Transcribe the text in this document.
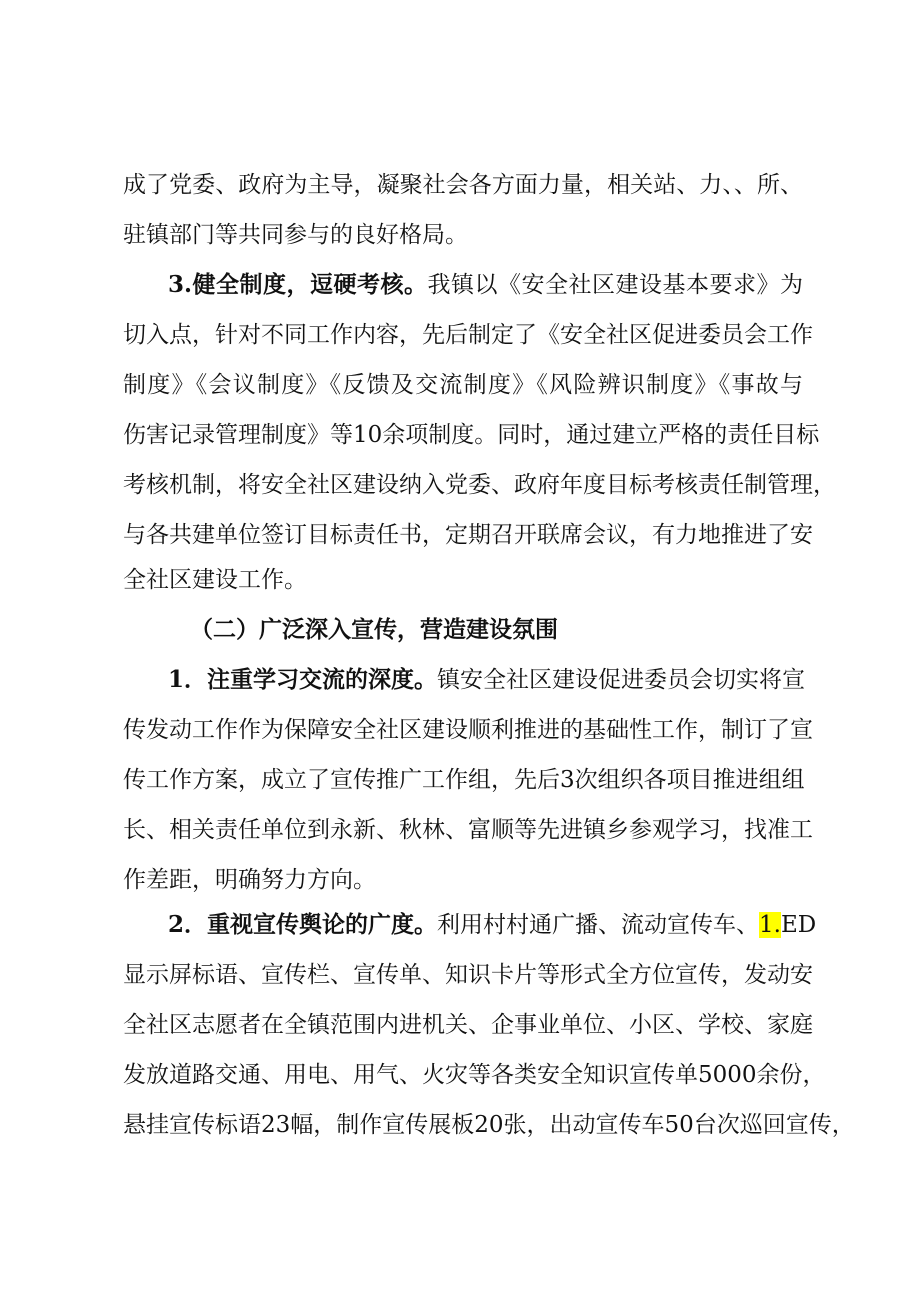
成了党委、政府为主导，凝聚社会各方面力量，相关站、力、、所、
驻镇部门等共同参与的良好格局。
3.健全制度，逗硬考核。我镇以《安全社区建设基本要求》为
切入点，针对不同工作内容，先后制定了《安全社区促进委员会工作
制度》《会议制度》《反馈及交流制度》《风险辨识制度》《事故与
伤害记录管理制度》等10余项制度。同时，通过建立严格的责任目标
考核机制，将安全社区建设纳入党委、政府年度目标考核责任制管理，
与各共建单位签订目标责任书，定期召开联席会议，有力地推进了安
全社区建设工作。
（二）广泛深入宣传，营造建设氛围
1．注重学习交流的深度。镇安全社区建设促进委员会切实将宣
传发动工作作为保障安全社区建设顺利推进的基础性工作，制订了宣
传工作方案，成立了宣传推广工作组，先后3次组织各项目推进组组
长、相关责任单位到永新、秋林、富顺等先进镇乡参观学习，找准工
作差距，明确努力方向。
2．重视宣传舆论的广度。利用村村通广播、流动宣传车、1.ED
显示屏标语、宣传栏、宣传单、知识卡片等形式全方位宣传，发动安
全社区志愿者在全镇范围内进机关、企事业单位、小区、学校、家庭
发放道路交通、用电、用气、火灾等各类安全知识宣传单5000余份，
悬挂宣传标语23幅，制作宣传展板20张，出动宣传车50台次巡回宣传，
